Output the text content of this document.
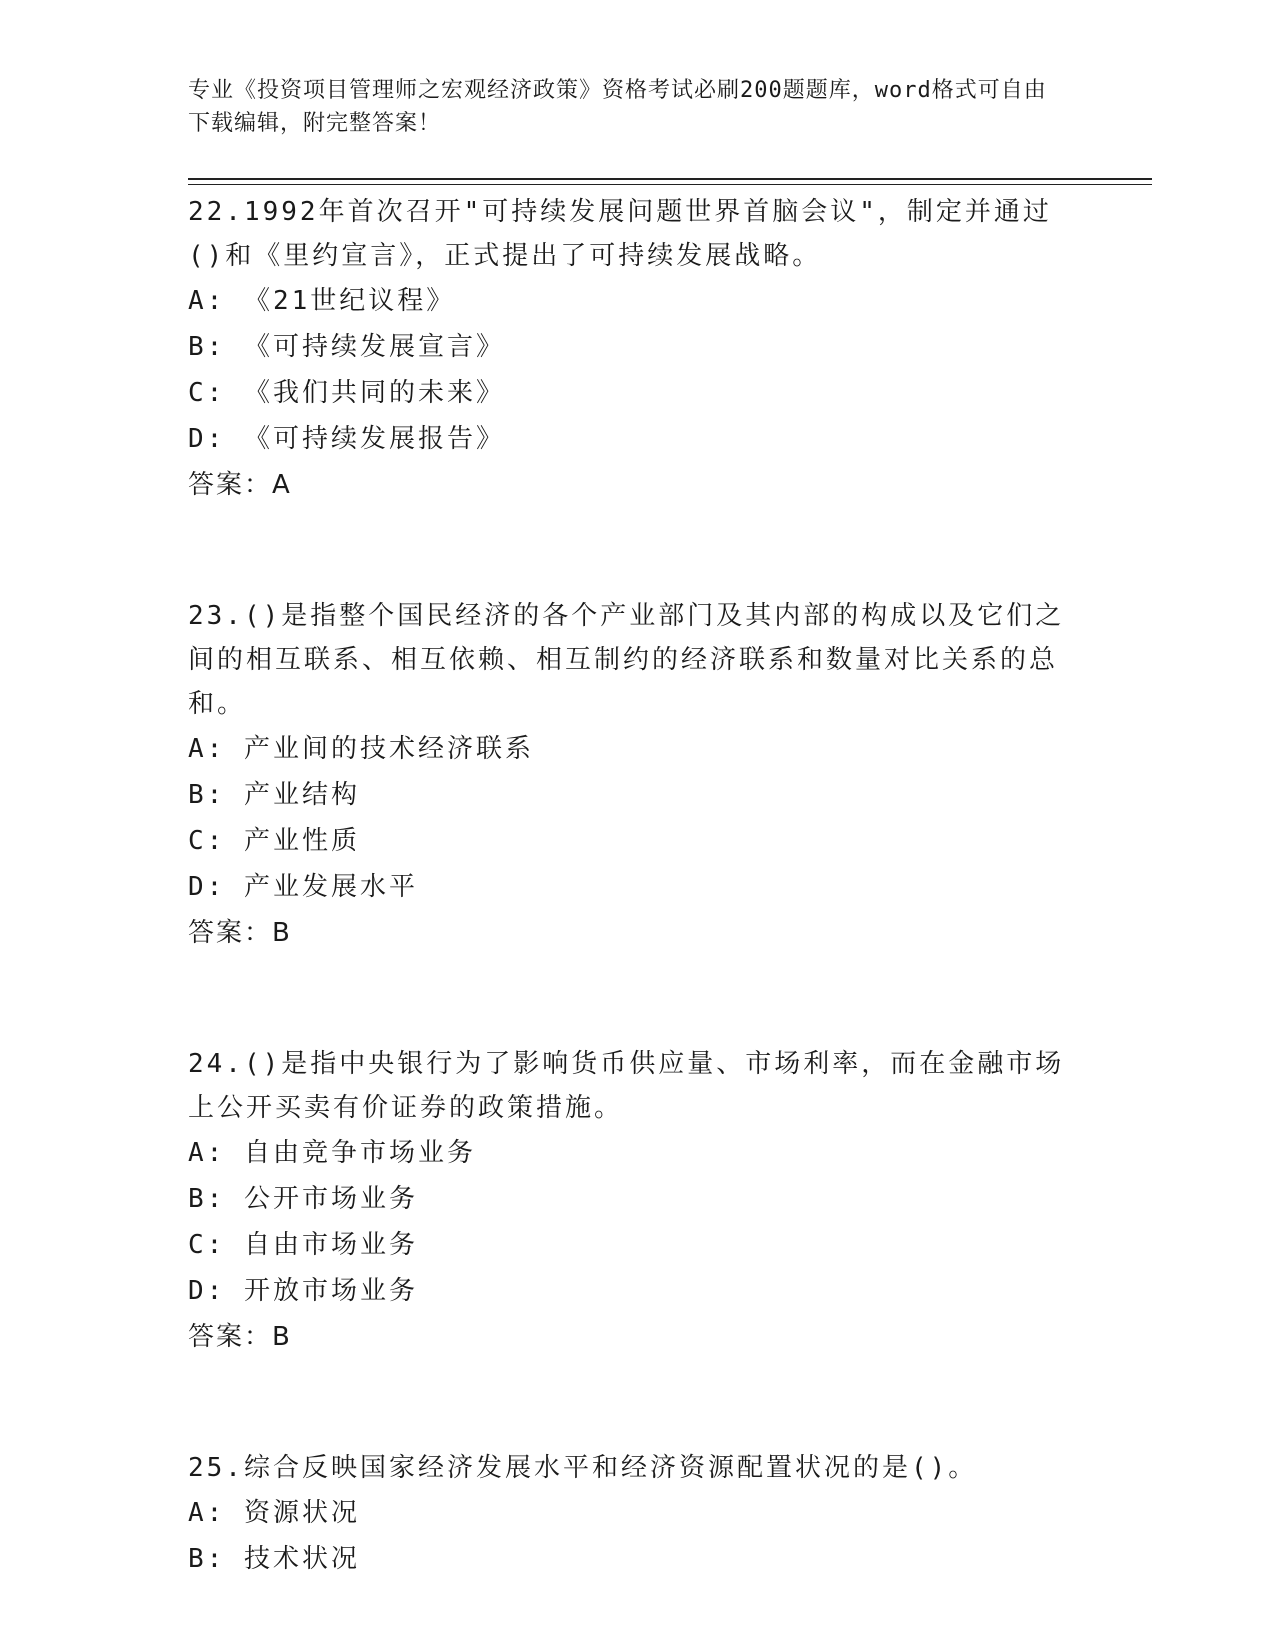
专业《投资项目管理师之宏观经济政策》资格考试必刷200题题库，word格式可自由下载编辑，附完整答案！

22.1992年首次召开"可持续发展问题世界首脑会议"，制定并通过()和《里约宣言》，正式提出了可持续发展战略。

A: 《21世纪议程》

B: 《可持续发展宣言》

C: 《我们共同的未来》

D: 《可持续发展报告》

答案：A

23.()是指整个国民经济的各个产业部门及其内部的构成以及它们之间的相互联系、相互依赖、相互制约的经济联系和数量对比关系的总和。

A: 产业间的技术经济联系

B: 产业结构

C: 产业性质

D: 产业发展水平

答案：B

24.()是指中央银行为了影响货币供应量、市场利率，而在金融市场上公开买卖有价证券的政策措施。

A: 自由竞争市场业务

B: 公开市场业务

C: 自由市场业务

D: 开放市场业务

答案：B

25.综合反映国家经济发展水平和经济资源配置状况的是()。

A: 资源状况

B: 技术状况
